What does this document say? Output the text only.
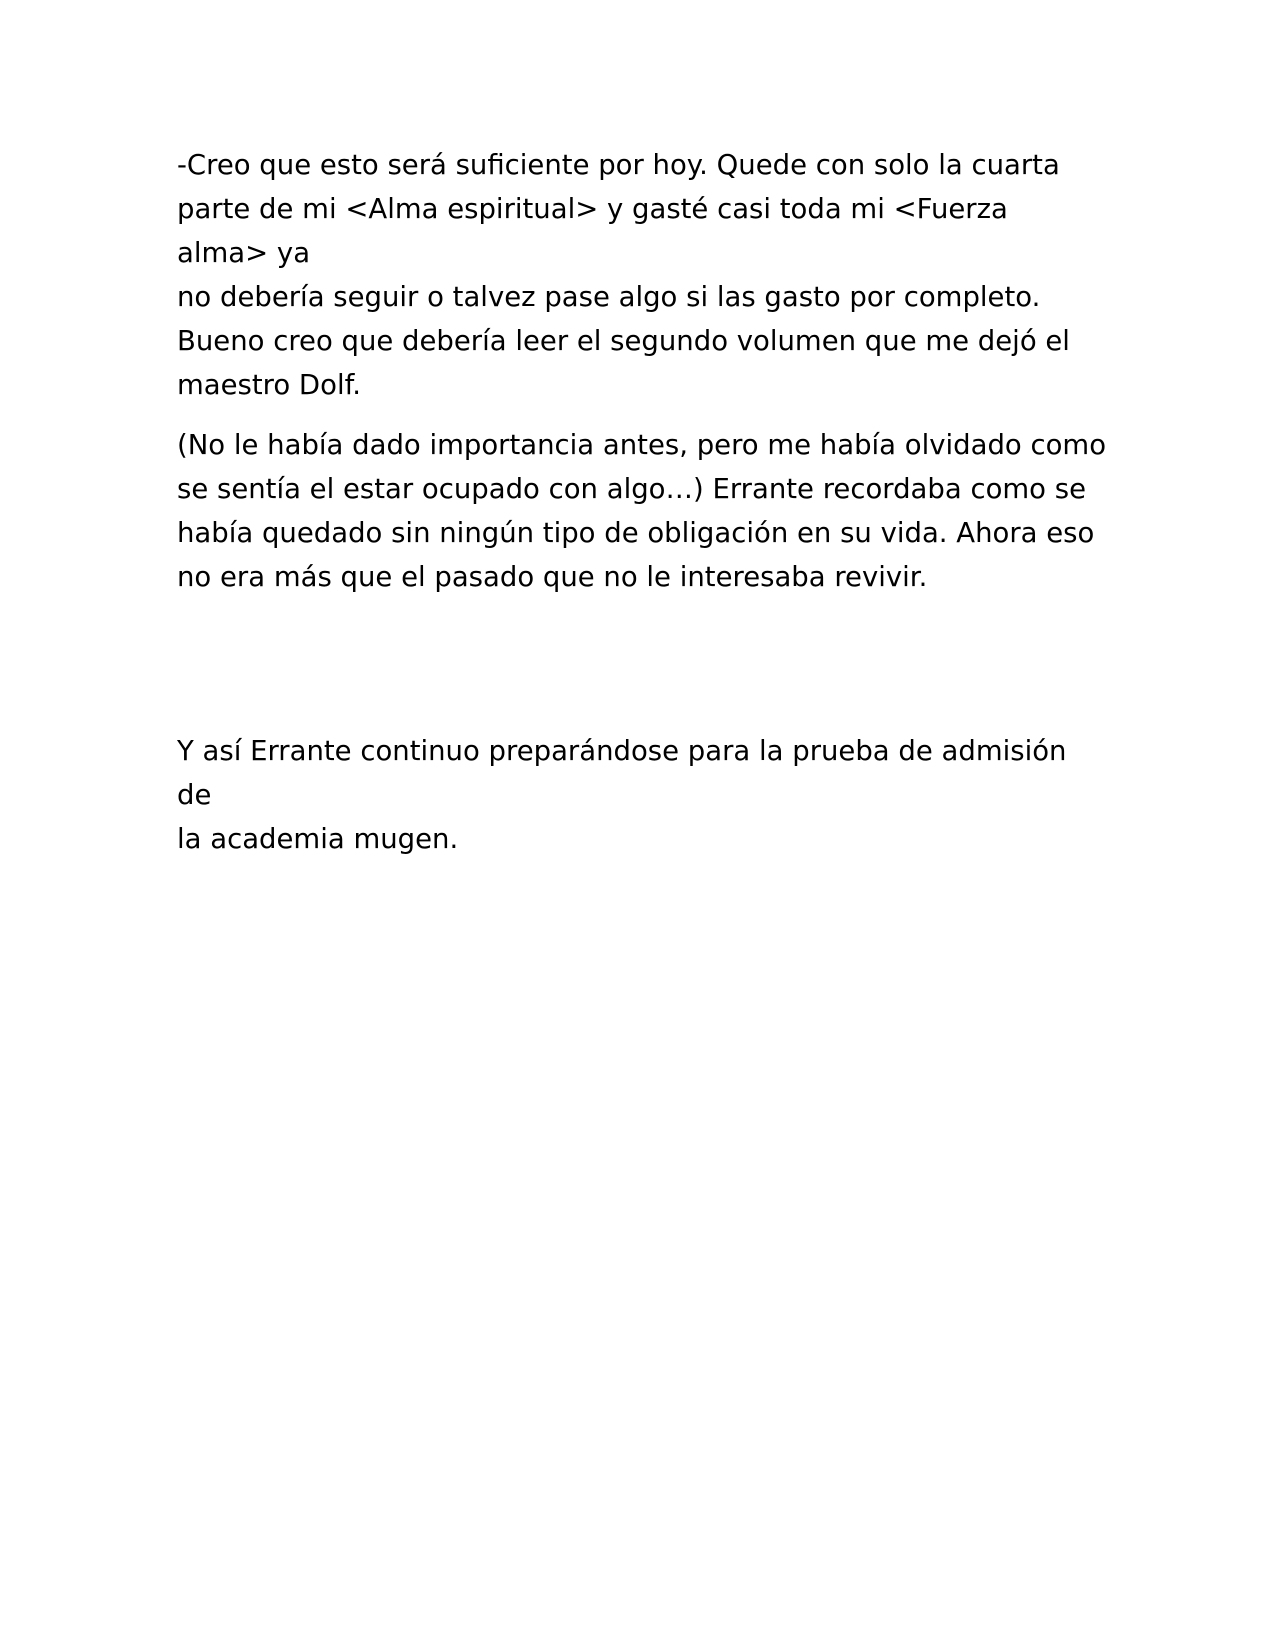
-Creo que esto será suficiente por hoy. Quede con solo la cuarta
parte de mi <Alma espiritual> y gasté casi toda mi <Fuerza alma> ya
no debería seguir o talvez pase algo si las gasto por completo.
Bueno creo que debería leer el segundo volumen que me dejó el
maestro Dolf.

(No le había dado importancia antes, pero me había olvidado como
se sentía el estar ocupado con algo…) Errante recordaba como se
había quedado sin ningún tipo de obligación en su vida. Ahora eso
no era más que el pasado que no le interesaba revivir.

Y así Errante continuo preparándose para la prueba de admisión de
la academia mugen.
